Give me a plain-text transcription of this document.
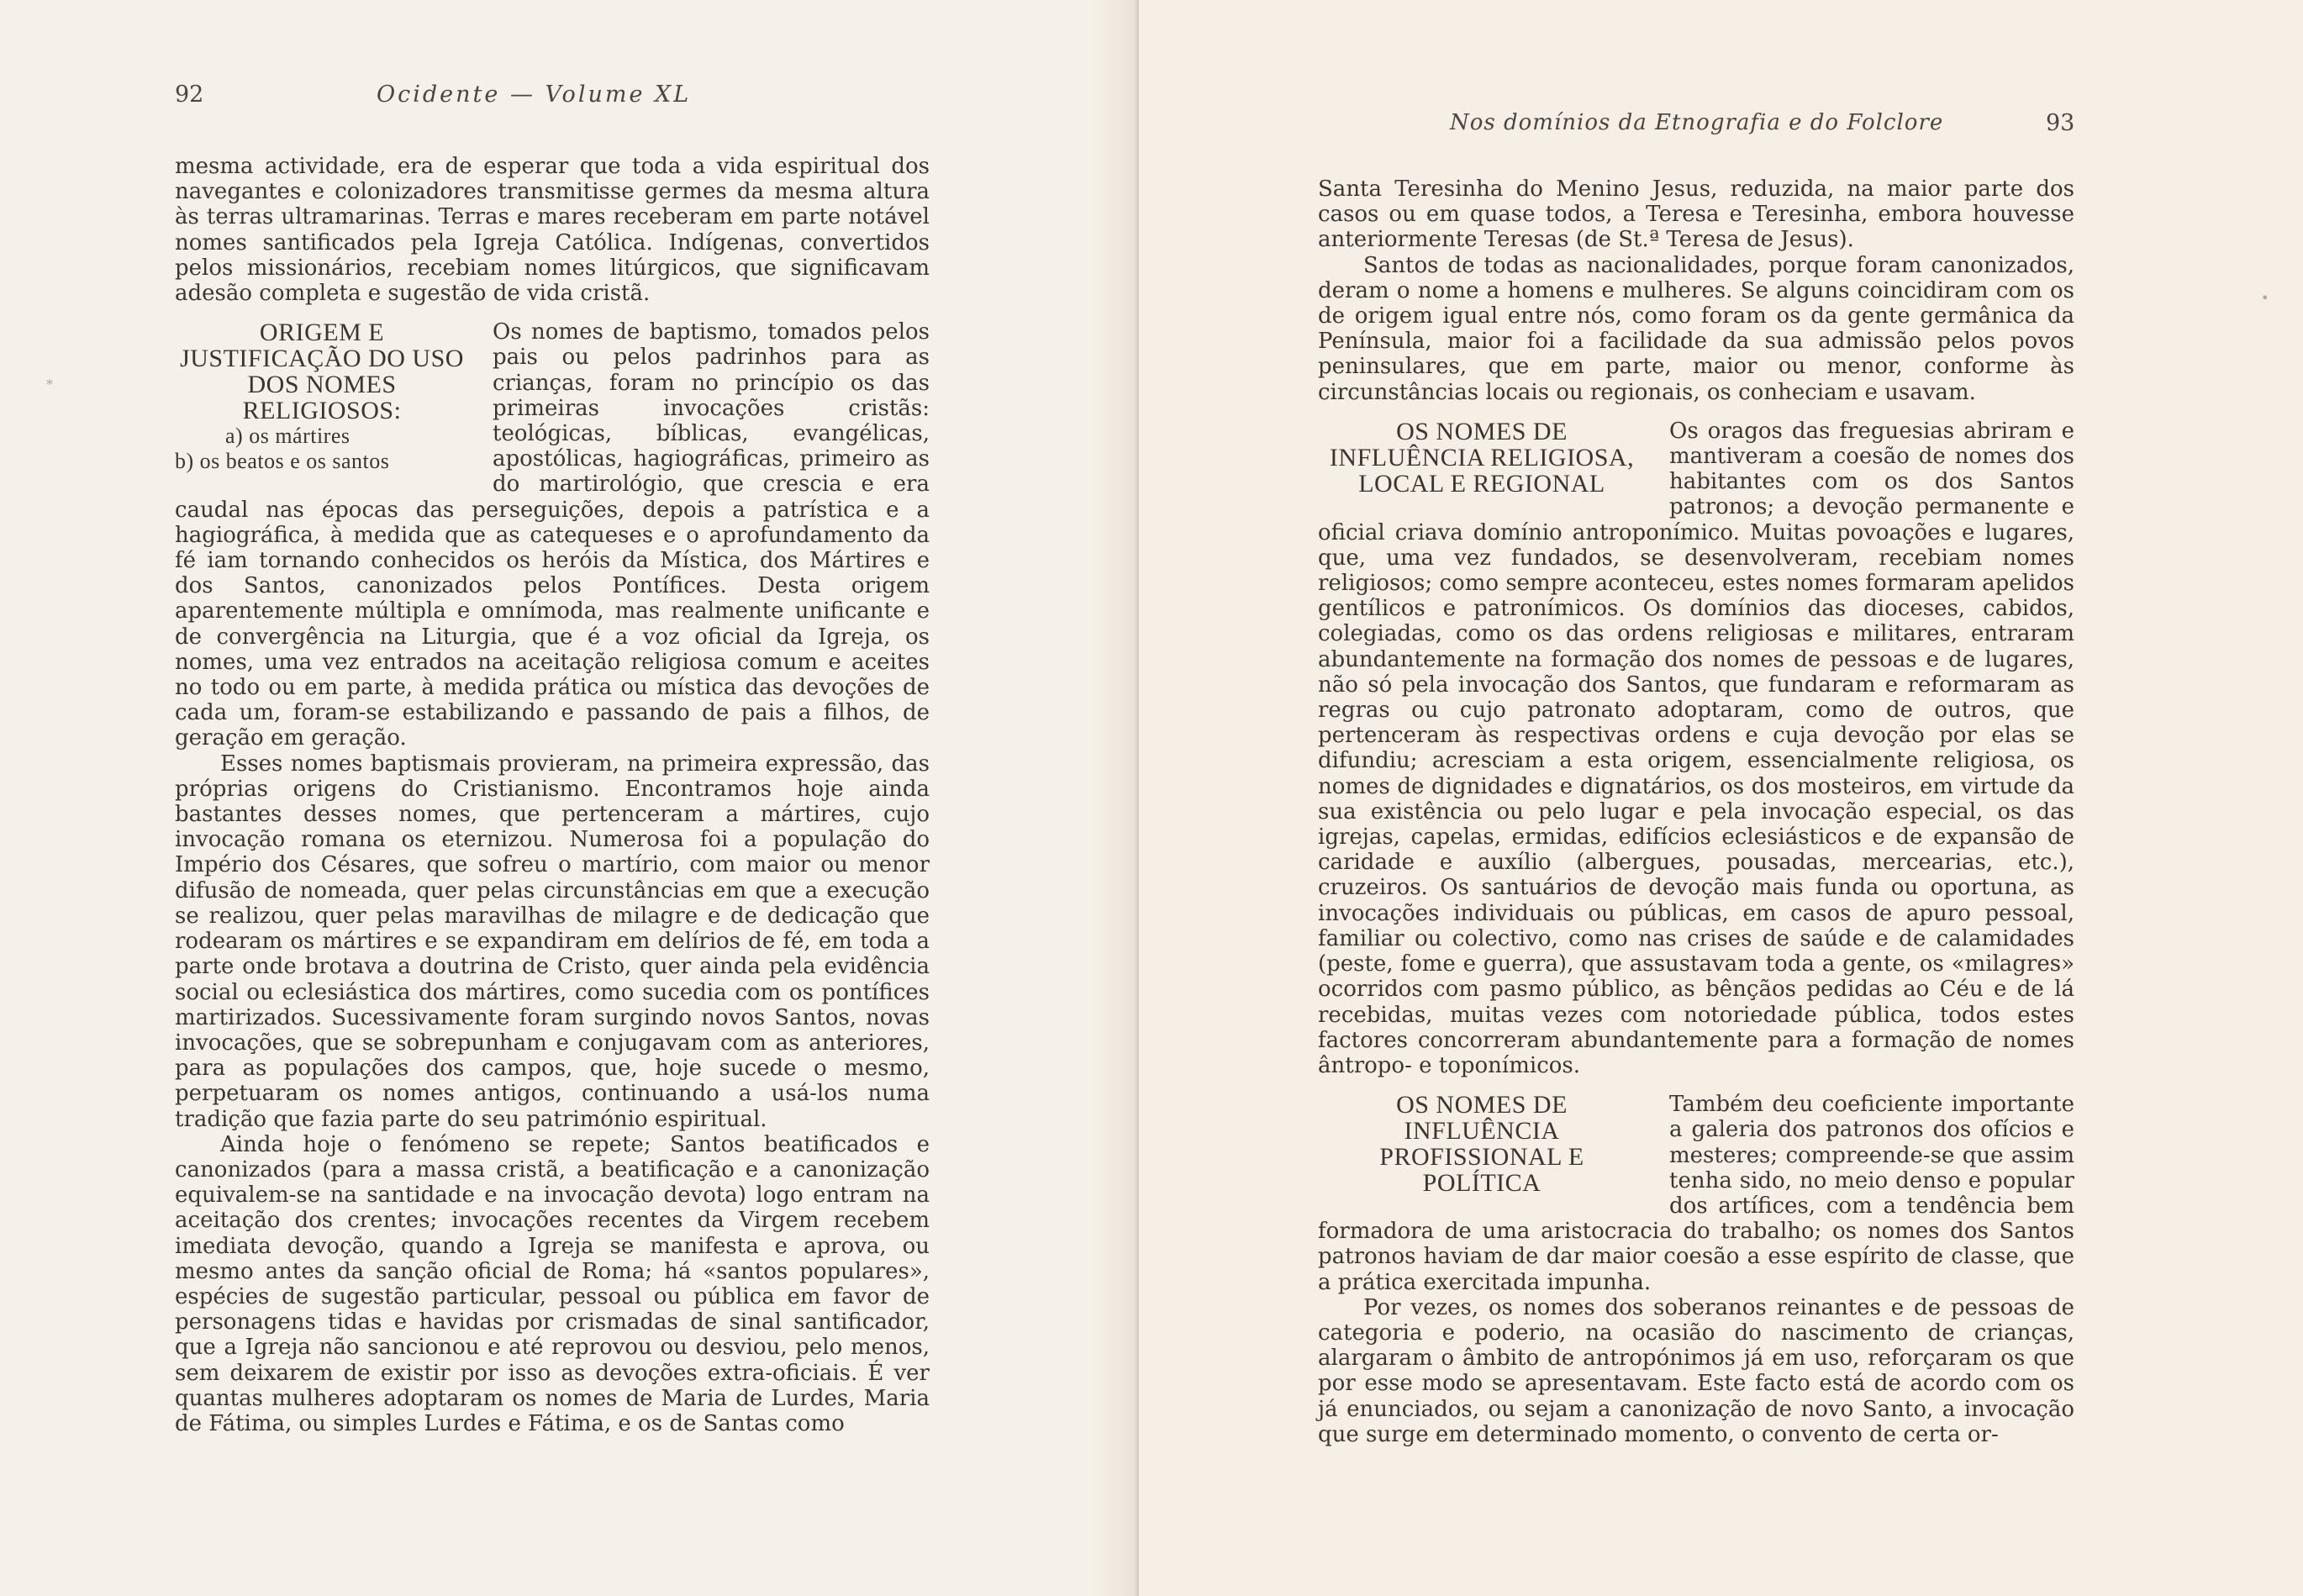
92	Ocidente — Volume XL

mesma actividade, era de esperar que toda a vida espiritual dos navegantes e colonizadores transmitisse germes da mesma altura às terras ultramarinas. Terras e mares receberam em parte notável nomes santificados pela Igreja Católica. Indígenas, convertidos pelos missionários, recebiam nomes litúrgicos, que significavam adesão completa e sugestão de vida cristã.

ORIGEM E JUSTIFICAÇÃO DO USO DOS NOMES RELIGIOSOS:
a) os mártires
b) os beatos e os santos

Os nomes de baptismo, tomados pelos pais ou pelos padrinhos para as crianças, foram no princípio os das primeiras invocações cristãs: teológicas, bíblicas, evangélicas, apostólicas, hagiográficas, primeiro as do martirológio, que crescia e era caudal nas épocas das perseguições, depois a patrística e a hagiográfica, à medida que as catequeses e o aprofundamento da fé iam tornando conhecidos os heróis da Mística, dos Mártires e dos Santos, canonizados pelos Pontífices. Desta origem aparentemente múltipla e omnímoda, mas realmente unificante e de convergência na Liturgia, que é a voz oficial da Igreja, os nomes, uma vez entrados na aceitação religiosa comum e aceites no todo ou em parte, à medida prática ou mística das devoções de cada um, foram-se estabilizando e passando de pais a filhos, de geração em geração.

Esses nomes baptismais provieram, na primeira expressão, das próprias origens do Cristianismo. Encontramos hoje ainda bastantes desses nomes, que pertenceram a mártires, cujo invocação romana os eternizou. Numerosa foi a população do Império dos Césares, que sofreu o martírio, com maior ou menor difusão de nomeada, quer pelas circunstâncias em que a execução se realizou, quer pelas maravilhas de milagre e de dedicação que rodearam os mártires e se expandiram em delírios de fé, em toda a parte onde brotava a doutrina de Cristo, quer ainda pela evidência social ou eclesiástica dos mártires, como sucedia com os pontífices martirizados. Sucessivamente foram surgindo novos Santos, novas invocações, que se sobrepunham e conjugavam com as anteriores, para as populações dos campos, que, hoje sucede o mesmo, perpetuaram os nomes antigos, continuando a usá-los numa tradição que fazia parte do seu património espiritual.

Ainda hoje o fenómeno se repete; Santos beatificados e canonizados (para a massa cristã, a beatificação e a canonização equivalem-se na santidade e na invocação devota) logo entram na aceitação dos crentes; invocações recentes da Virgem recebem imediata devoção, quando a Igreja se manifesta e aprova, ou mesmo antes da sanção oficial de Roma; há «santos populares», espécies de sugestão particular, pessoal ou pública em favor de personagens tidas e havidas por crismadas de sinal santificador, que a Igreja não sancionou e até reprovou ou desviou, pelo menos, sem deixarem de existir por isso as devoções extra-oficiais. É ver quantas mulheres adoptaram os nomes de Maria de Lurdes, Maria de Fátima, ou simples Lurdes e Fátima, e os de Santas como

*
Nos domínios da Etnografia e do Folclore	93

Santa Teresinha do Menino Jesus, reduzida, na maior parte dos casos ou em quase todos, a Teresa e Teresinha, embora houvesse anteriormente Teresas (de St.ª Teresa de Jesus).

Santos de todas as nacionalidades, porque foram canonizados, deram o nome a homens e mulheres. Se alguns coincidiram com os de origem igual entre nós, como foram os da gente germânica da Península, maior foi a facilidade da sua admissão pelos povos peninsulares, que em parte, maior ou menor, conforme às circunstâncias locais ou regionais, os conheciam e usavam.

OS NOMES DE INFLUÊNCIA RELIGIOSA, LOCAL E REGIONAL

Os oragos das freguesias abriram e mantiveram a coesão de nomes dos habitantes com os dos Santos patronos; a devoção permanente e oficial criava domínio antroponímico. Muitas povoações e lugares, que, uma vez fundados, se desenvolveram, recebiam nomes religiosos; como sempre aconteceu, estes nomes formaram apelidos gentílicos e patronímicos. Os domínios das dioceses, cabidos, colegiadas, como os das ordens religiosas e militares, entraram abundantemente na formação dos nomes de pessoas e de lugares, não só pela invocação dos Santos, que fundaram e reformaram as regras ou cujo patronato adoptaram, como de outros, que pertenceram às respectivas ordens e cuja devoção por elas se difundiu; acresciam a esta origem, essencialmente religiosa, os nomes de dignidades e dignatários, os dos mosteiros, em virtude da sua existência ou pelo lugar e pela invocação especial, os das igrejas, capelas, ermidas, edifícios eclesiásticos e de expansão de caridade e auxílio (albergues, pousadas, mercearias, etc.), cruzeiros. Os santuários de devoção mais funda ou oportuna, as invocações individuais ou públicas, em casos de apuro pessoal, familiar ou colectivo, como nas crises de saúde e de calamidades (peste, fome e guerra), que assustavam toda a gente, os «milagres» ocorridos com pasmo público, as bênçãos pedidas ao Céu e de lá recebidas, muitas vezes com notoriedade pública, todos estes factores concorreram abundantemente para a formação de nomes ântropo- e toponímicos.

OS NOMES DE INFLUÊNCIA PROFISSIONAL E POLÍTICA

Também deu coeficiente importante a galeria dos patronos dos ofícios e mesteres; compreende-se que assim tenha sido, no meio denso e popular dos artífices, com a tendência bem formadora de uma aristocracia do trabalho; os nomes dos Santos patronos haviam de dar maior coesão a esse espírito de classe, que a prática exercitada impunha.

Por vezes, os nomes dos soberanos reinantes e de pessoas de categoria e poderio, na ocasião do nascimento de crianças, alargaram o âmbito de antropónimos já em uso, reforçaram os que por esse modo se apresentavam. Este facto está de acordo com os já enunciados, ou sejam a canonização de novo Santo, a invocação que surge em determinado momento, o convento de certa or-

•
